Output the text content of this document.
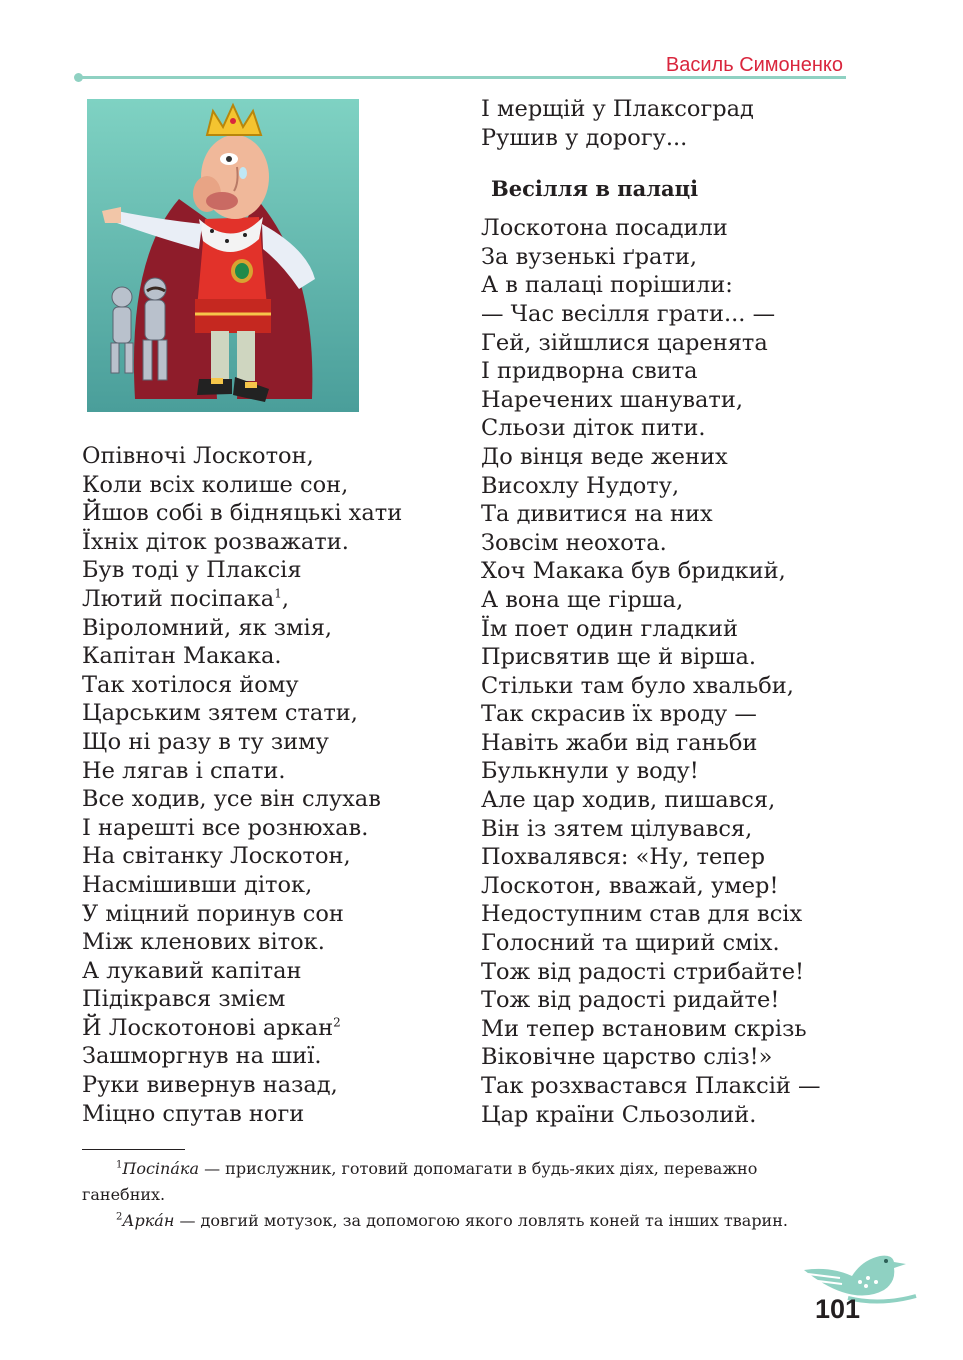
Василь Симоненко
Опівночі Лоскотон,
Коли всіх колише сон,
Йшов собі в бідняцькі хати
Їхніх діток розважати.
Був тоді у Плаксія
Лютий посіпака$^1$,
Віроломний, як змія,
Капітан Макака.
Так хотілося йому
Царським зятем стати,
Що ні разу в ту зиму
Не лягав і спати.
Все ходив, усе він слухав
І нарешті все рознюхав.
На світанку Лоскотон,
Насмішивши діток,
У міцний поринув сон
Між кленових віток.
А лукавий капітан
Підікрався змієм
Й Лоскотонові аркан$^2$
Зашморгнув на шиї.
Руки вивернув назад,
Міцно спутав ноги
І мерщій у Плаксоград
Рушив у дорогу...
Весілля в палаці
Лоскотона посадили
За вузенькі ґрати,
А в палаці порішили:
— Час весілля грати... —
Гей, зійшлися царенята
І придворна свита
Наречених шанувати,
Сльози діток пити.
До вінця веде жених
Висохлу Нудоту,
Та дивитися на них
Зовсім неохота.
Хоч Макака був бридкий,
А вона ще гірша,
Їм поет один гладкий
Присвятив ще й вірша.
Стільки там було хвальби,
Так скрасив їх вроду —
Навіть жаби від ганьби
Булькнули у воду!
Але цар ходив, пишався,
Він із зятем цілувався,
Похвалявся: «Ну, тепер
Лоскотон, вважай, умер!
Недоступним став для всіх
Голосний та щирий сміх.
Тож від радості стрибайте!
Тож від радості ридайте!
Ми тепер встановим скрізь
Віковічне царство сліз!»
Так розхвастався Плаксій —
Цар країни Сльозолий.
$^1$Посіпáка — прислужник, готовий допомагати в будь-яких діях, переважно ганебних.
$^2$Аркáн — довгий мотузок, за допомогою якого ловлять коней та інших тварин.
101
